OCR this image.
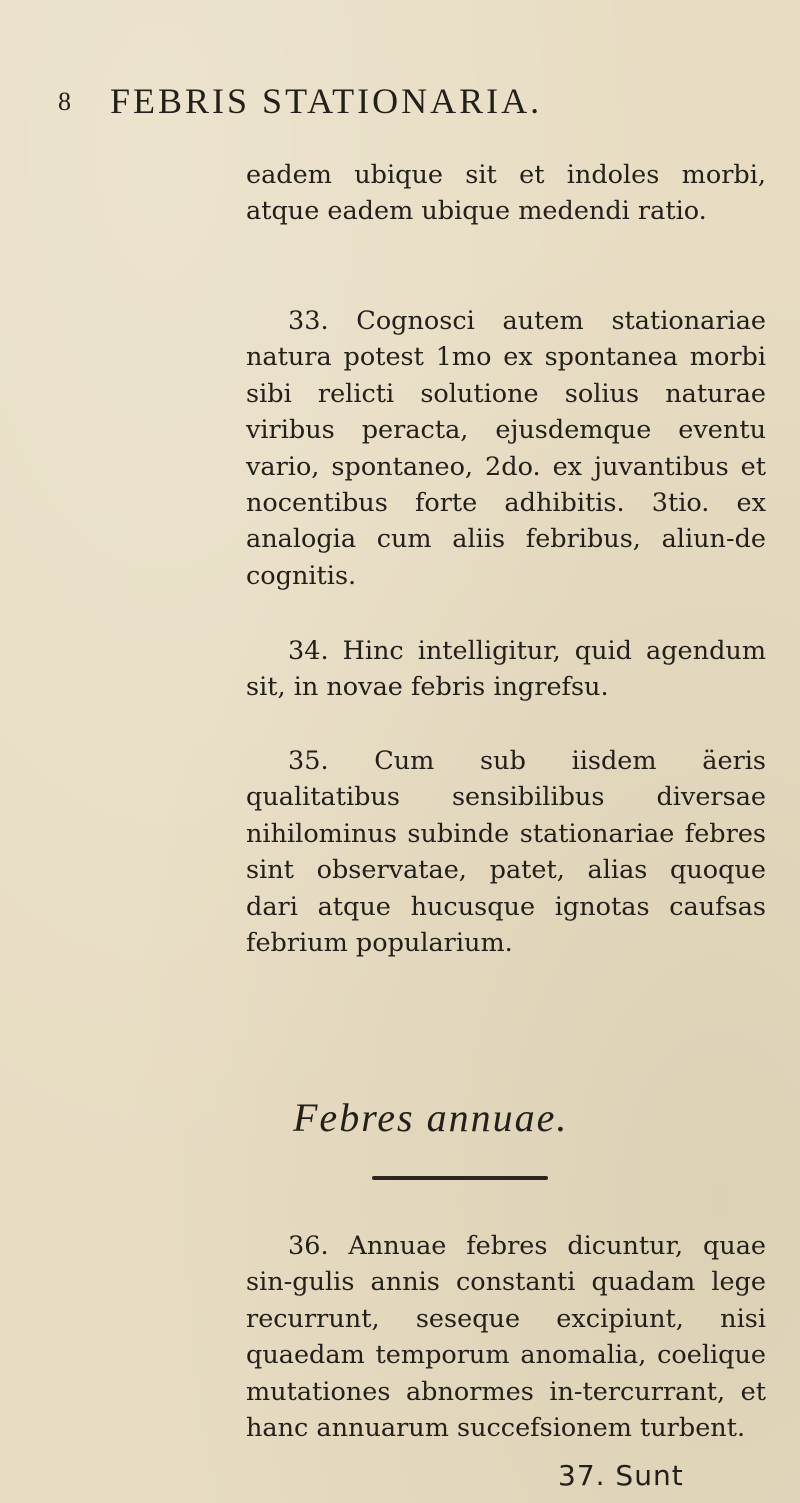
8 FEBRIS STATIONARIA.

eadem ubique sit et indoles morbi, atque eadem ubique medendi ratio.

33. Cognosci autem stationariae natura potest 1mo ex spontanea morbi sibi relicti solutione solius naturae viribus peracta, ejusdemque eventu vario, spontaneo, 2do. ex juvantibus et nocentibus forte adhibitis. 3tio. ex analogia cum aliis febribus, aliun-de cognitis.

34. Hinc intelligitur, quid agendum sit, in novae febris ingrefsu.

35. Cum sub iisdem äeris qualitatibus sensibilibus diversae nihilominus subinde stationariae febres sint observatae, patet, alias quoque dari atque hucusque ignotas caufsas febrium popularium.

Febres annuae.

36. Annuae febres dicuntur, quae sin-gulis annis constanti quadam lege recurrunt, seseque excipiunt, nisi quaedam temporum anomalia, coelique mutationes abnormes in-tercurrant, et hanc annuarum succefsionem turbent.

37. Sunt
